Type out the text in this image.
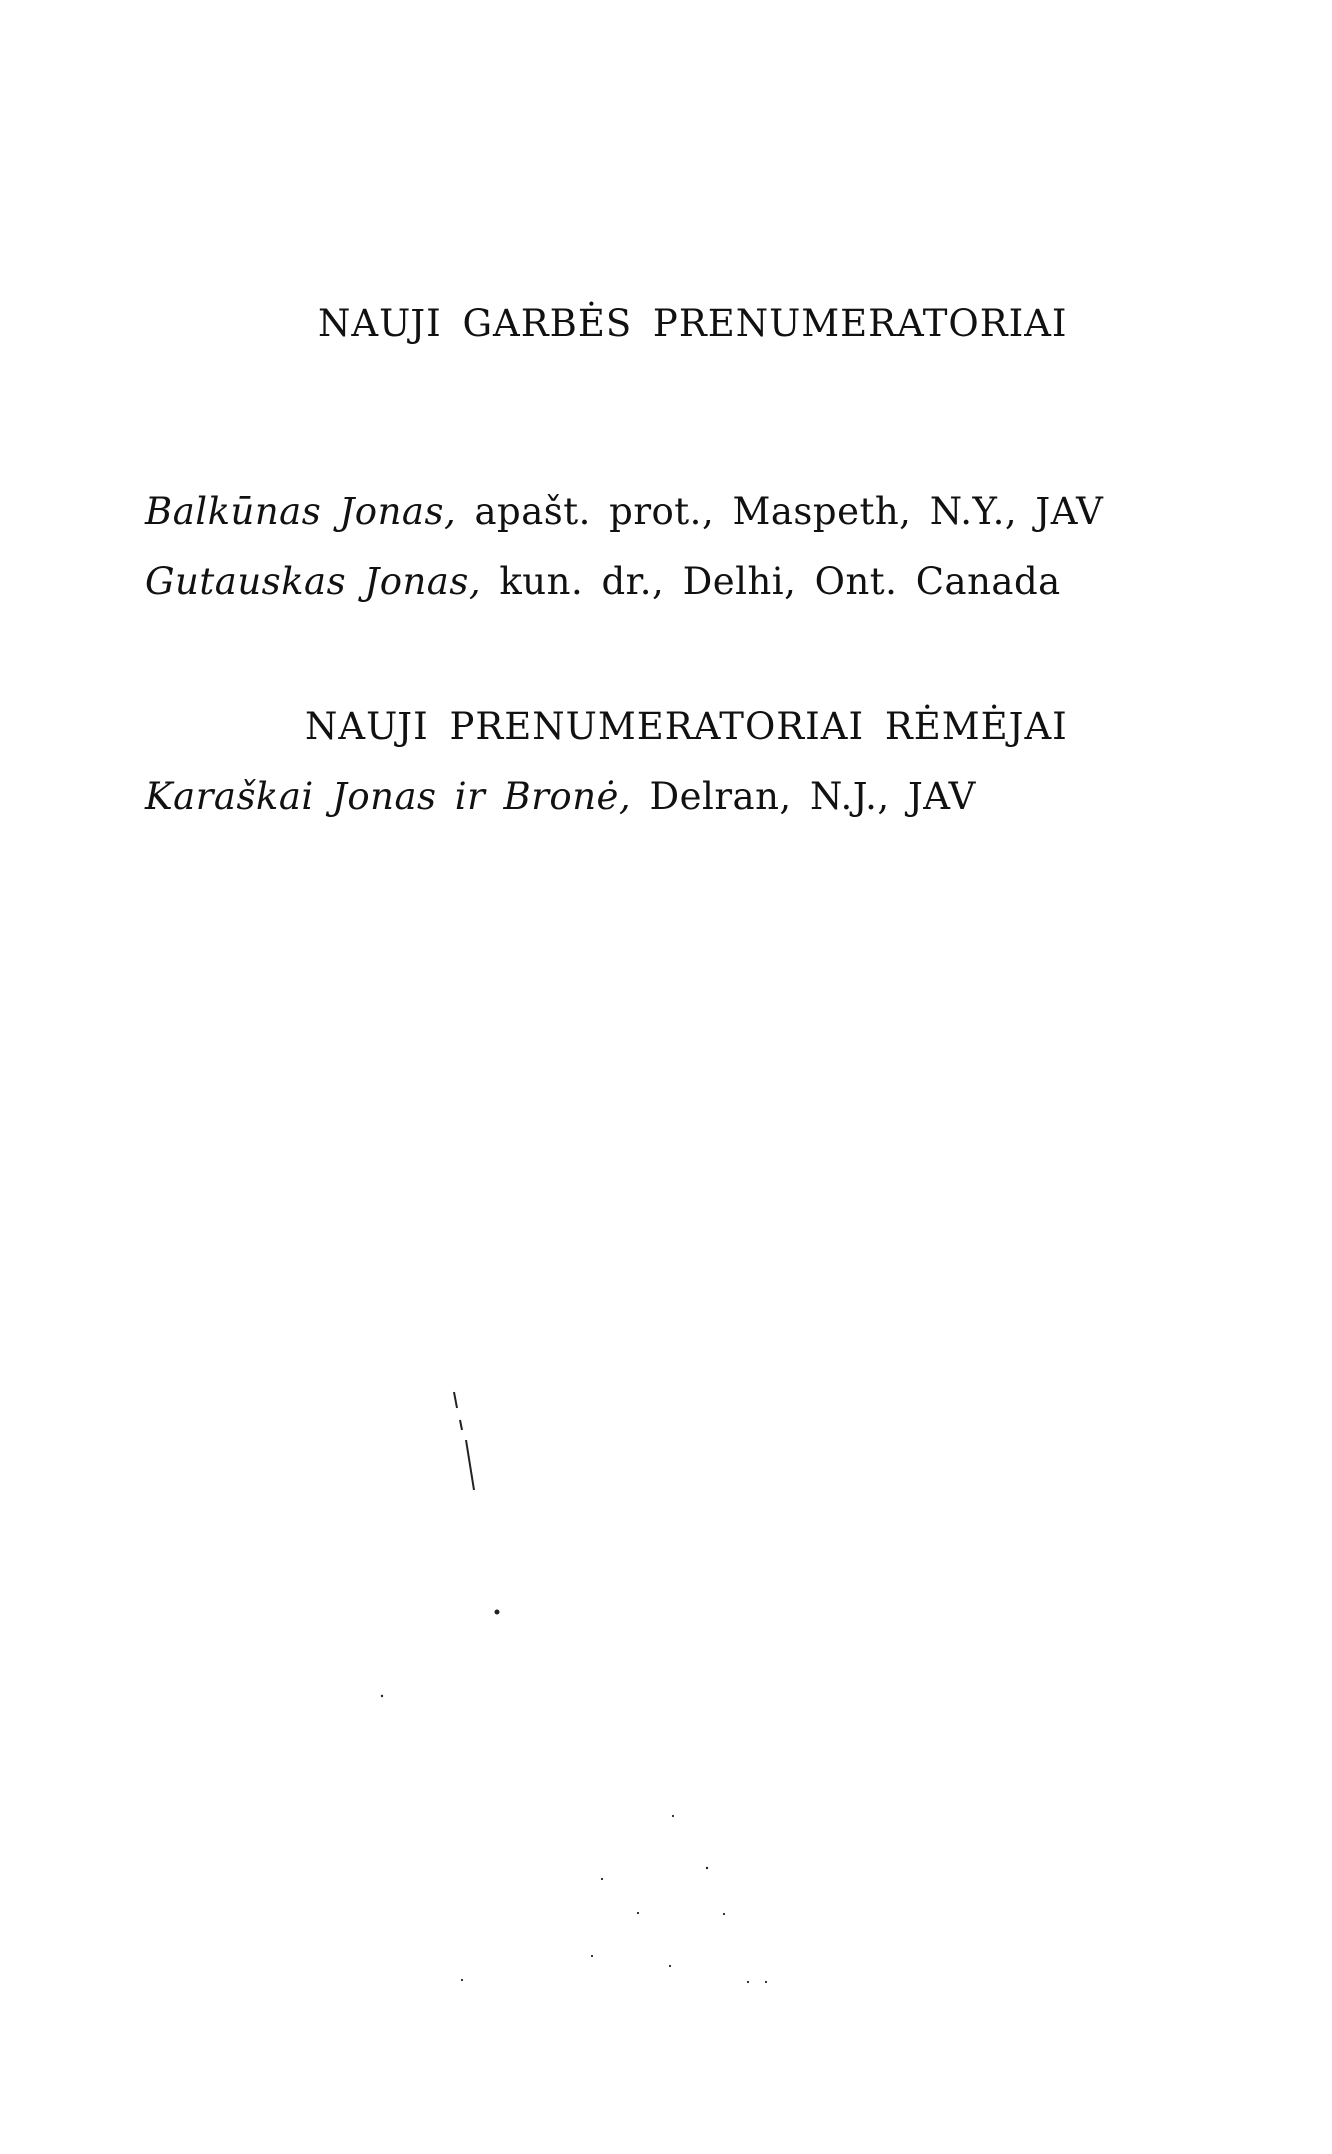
NAUJI GARBĖS PRENUMERATORIAI
Balkūnas Jonas, apašt. prot., Maspeth, N.Y., JAV
Gutauskas Jonas, kun. dr., Delhi, Ont. Canada
NAUJI PRENUMERATORIAI RĖMĖJAI
Karaškai Jonas ir Bronė, Delran, N.J., JAV
